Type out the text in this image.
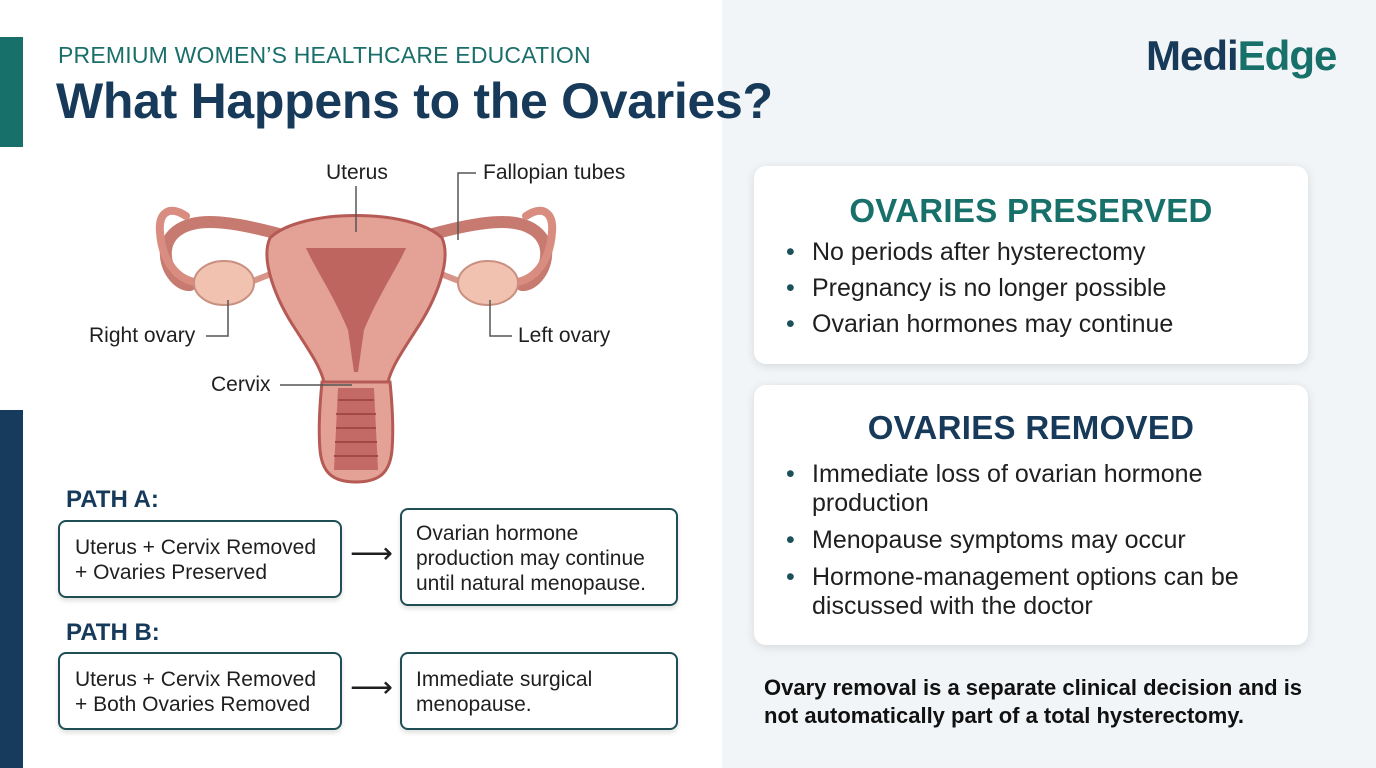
PREMIUM WOMEN’S HEALTHCARE EDUCATION
What Happens to the Ovaries?
MediEdge
Uterus	Fallopian tubes
Right ovary	Left ovary
Cervix
PATH A:
Uterus + Cervix Removed
+ Ovaries Preserved
⟶
Ovarian hormone
production may continue
until natural menopause.
PATH B:
Uterus + Cervix Removed
+ Both Ovaries Removed
⟶ Immediate surgical
menopause.
OVARIES PRESERVED
• No periods after hysterectomy
• Pregnancy is no longer possible
• Ovarian hormones may continue
OVARIES REMOVED
• Immediate loss of ovarian hormone production
• Menopause symptoms may occur
• Hormone-management options can be discussed with the doctor
Ovary removal is a separate clinical decision and is not automatically part of a total hysterectomy.
